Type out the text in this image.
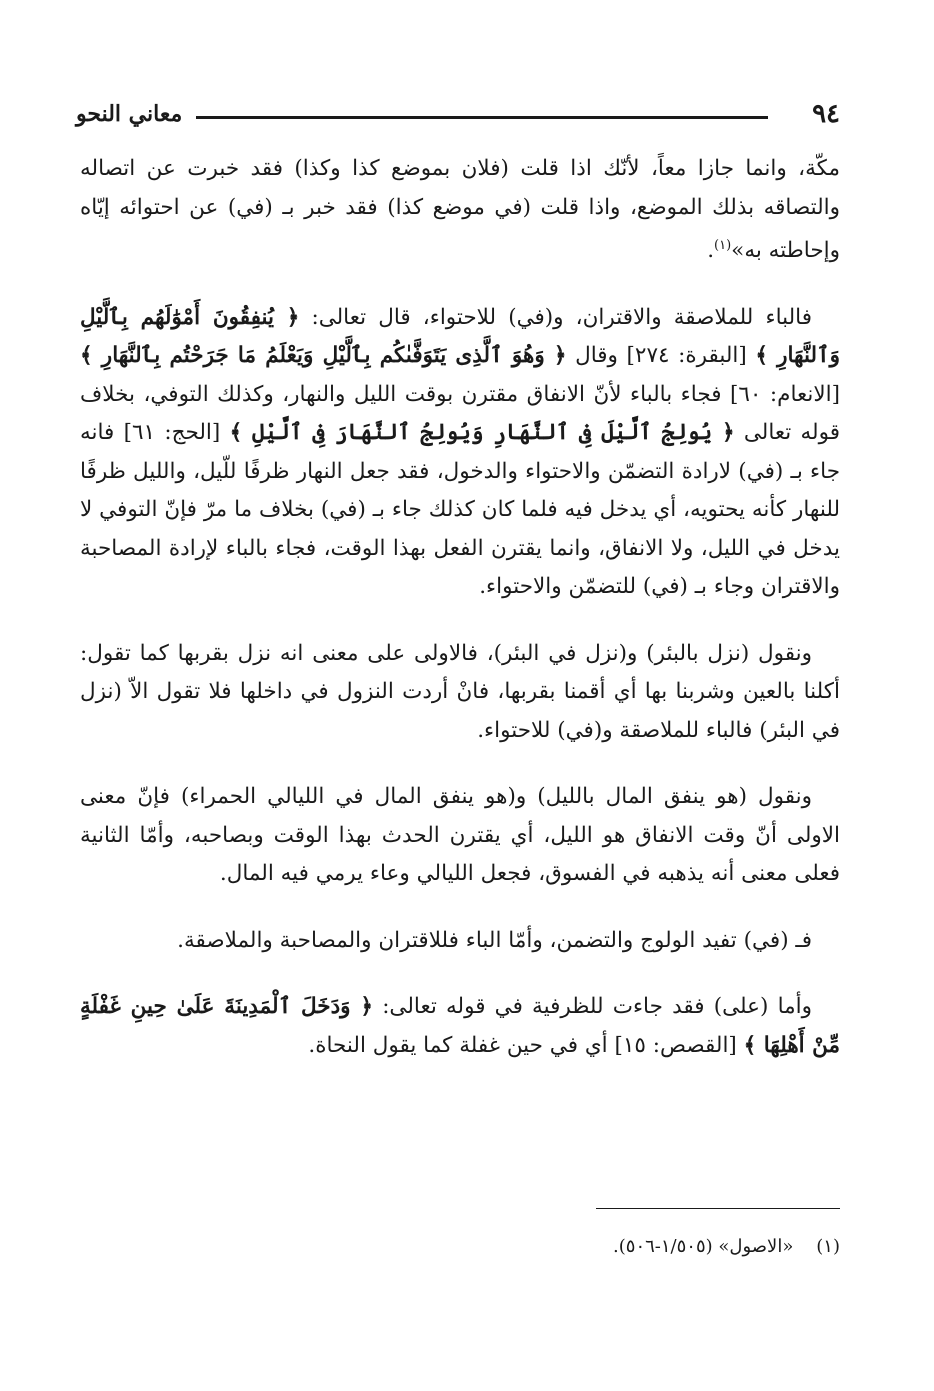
٩٤
معاني النحو

مكّة، وانما جازا معاً، لأنّك اذا قلت (فلان بموضع كذا وكذا) فقد خبرت عن اتصاله والتصاقه بذلك الموضع، واذا قلت (في موضع كذا) فقد خبر بـ (في) عن احتوائه إيّاه وإحاطته به»$^{(١)}$.

فالباء للملاصقة والاقتران، و(في) للاحتواء، قال تعالى: ﴿ يُنفِقُونَ أَمْوَٰلَهُم بِٱلَّيْلِ وَٱلنَّهَارِ ﴾ [البقرة: ٢٧٤] وقال ﴿ وَهُوَ ٱلَّذِى يَتَوَفَّىٰكُم بِٱلَّيْلِ وَيَعْلَمُ مَا جَرَحْتُم بِٱلنَّهَارِ ﴾ [الانعام: ٦٠] فجاء بالباء لأنّ الانفاق مقترن بوقت الليل والنهار، وكذلك التوفي، بخلاف قوله تعالى ﴿ يُولِجُ ٱلَّيْلَ فِى ٱلنَّهَارِ وَيُولِجُ ٱلنَّهَارَ فِى ٱلَّيْلِ ﴾ [الحج: ٦١] فانه جاء بـ (في) لارادة التضمّن والاحتواء والدخول، فقد جعل النهار ظرفًا للّيل، والليل ظرفًا للنهار كأنه يحتويه، أي يدخل فيه فلما كان كذلك جاء بـ (في) بخلاف ما مرّ فإنّ التوفي لا يدخل في الليل، ولا الانفاق، وانما يقترن الفعل بهذا الوقت، فجاء بالباء لإرادة المصاحبة والاقتران وجاء بـ (في) للتضمّن والاحتواء.

ونقول (نزل بالبئر) و(نزل في البئر)، فالاولى على معنى انه نزل بقربها كما تقول: أكلنا بالعين وشربنا بها أي أقمنا بقربها، فانْ أردت النزول في داخلها فلا تقول الاّ (نزل في البئر) فالباء للملاصقة و(في) للاحتواء.

ونقول (هو ينفق المال بالليل) و(هو ينفق المال في الليالي الحمراء) فإنّ معنى الاولى أنّ وقت الانفاق هو الليل، أي يقترن الحدث بهذا الوقت وبصاحبه، وأمّا الثانية فعلى معنى أنه يذهبه في الفسوق، فجعل الليالي وعاء يرمي فيه المال.

فـ (في) تفيد الولوج والتضمن، وأمّا الباء فللاقتران والمصاحبة والملاصقة.

وأما (على) فقد جاءت للظرفية في قوله تعالى: ﴿ وَدَخَلَ ٱلْمَدِينَةَ عَلَىٰ حِينِ غَفْلَةٍ مِّنْ أَهْلِهَا ﴾ [القصص: ١٥] أي في حين غفلة كما يقول النحاة.

(١)    «الاصول» (١/٥٠٥-٥٠٦).
